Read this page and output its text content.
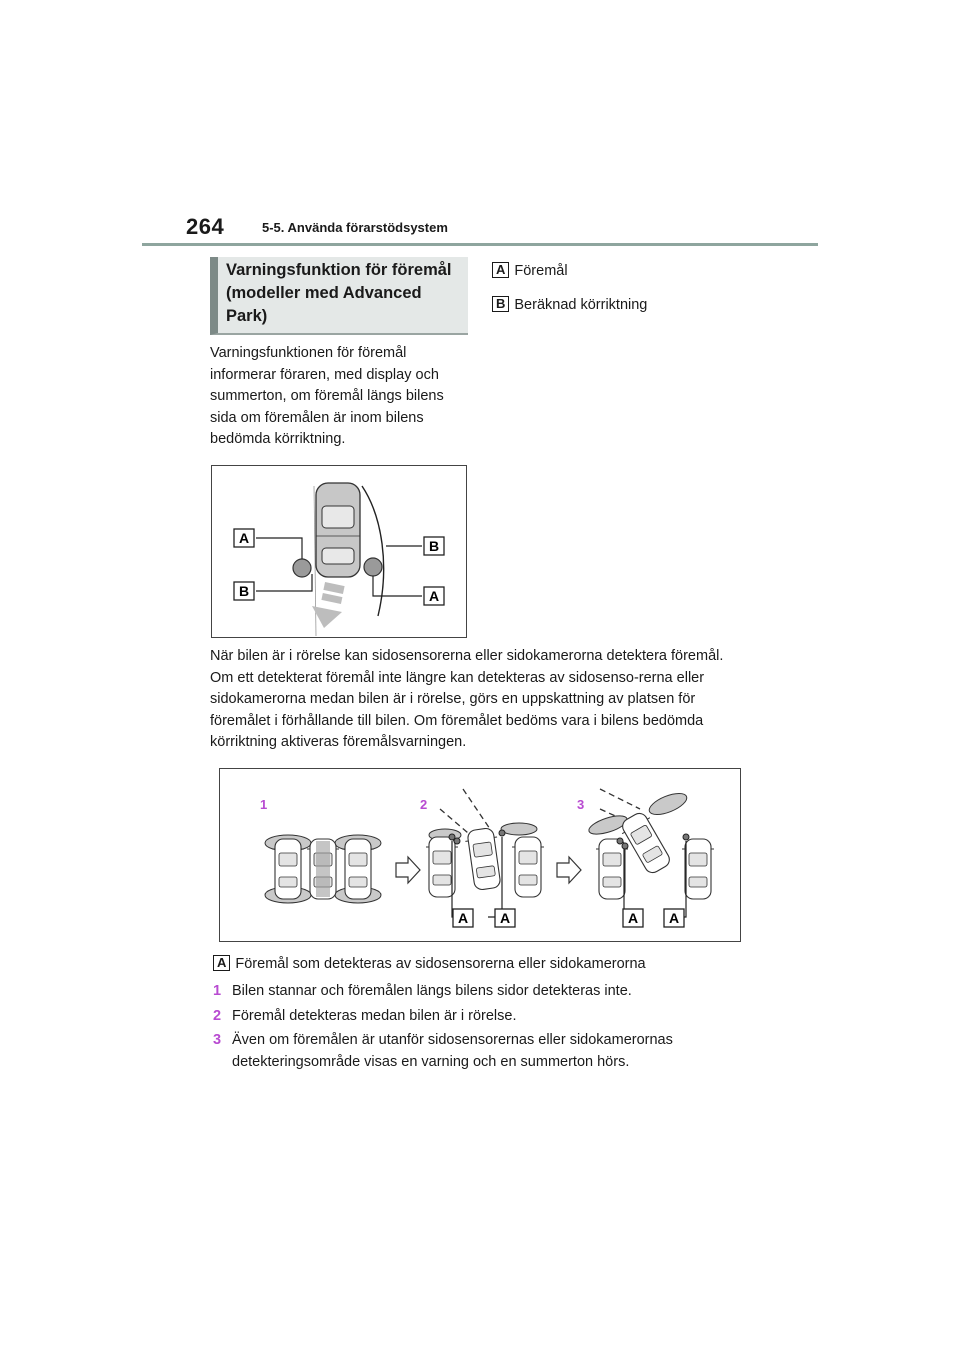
264	5-5. Använda förarstödsystem
Varningsfunktion för föremål (modeller med Advanced Park)
Varningsfunktionen för föremål informerar föraren, med display och summerton, om föremål längs bilens sida om föremålen är inom bilens bedömda körriktning.
A Föremål
B Beräknad körriktning
A	B
B	A
När bilen är i rörelse kan sidosensorerna eller sidokamerorna detektera föremål. Om ett detekterat föremål inte längre kan detekteras av sidosenso-rerna eller sidokamerorna medan bilen är i rörelse, görs en uppskattning av platsen för föremålet i förhållande till bilen. Om föremålet bedöms vara i bilens bedömda körriktning aktiveras föremålsvarningen.
1	2	3
A A	A A
A Föremål som detekteras av sidosensorerna eller sidokamerorna
1 Bilen stannar och föremålen längs bilens sidor detekteras inte.
2 Föremål detekteras medan bilen är i rörelse.
3 Även om föremålen är utanför sidosensorernas eller sidokamerornas detekteringsområde visas en varning och en summerton hörs.
